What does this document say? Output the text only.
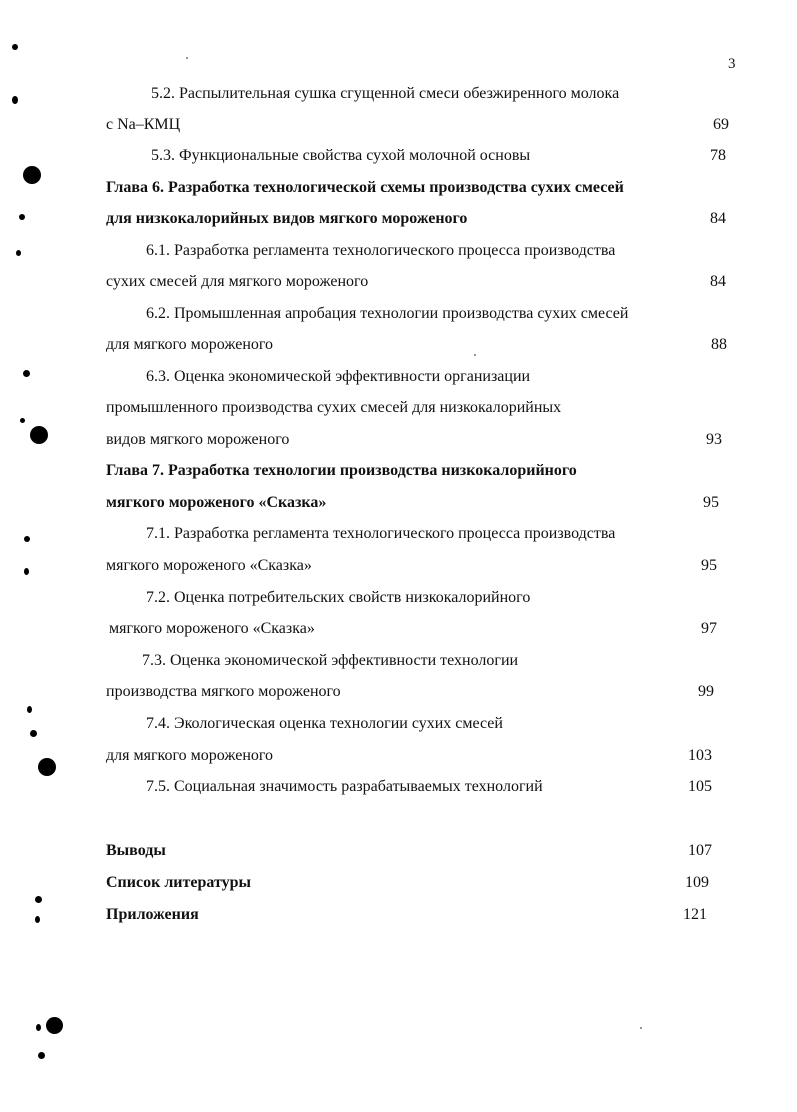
3
5.2. Распылительная сушка сгущенной смеси обезжиренного молока
с Na–КМЦ	69
5.3. Функциональные свойства сухой молочной основы	78
Глава 6. Разработка технологической схемы производства сухих смесей
для низкокалорийных видов мягкого мороженого	84
6.1. Разработка регламента технологического процесса производства
сухих смесей для мягкого мороженого	84
6.2. Промышленная апробация технологии производства сухих смесей
для мягкого мороженого	88
6.3. Оценка экономической эффективности организации
промышленного производства сухих смесей для низкокалорийных
видов мягкого мороженого	93
Глава 7. Разработка технологии производства низкокалорийного
мягкого мороженого «Сказка»	95
7.1. Разработка регламента технологического процесса производства
мягкого мороженого «Сказка»	95
7.2. Оценка потребительских свойств низкокалорийного
мягкого мороженого «Сказка»	97
7.3. Оценка экономической эффективности технологии
производства мягкого мороженого	99
7.4. Экологическая оценка технологии сухих смесей
для мягкого мороженого	103
7.5. Социальная значимость разрабатываемых технологий	105
Выводы	107
Список литературы	109
Приложения	121
